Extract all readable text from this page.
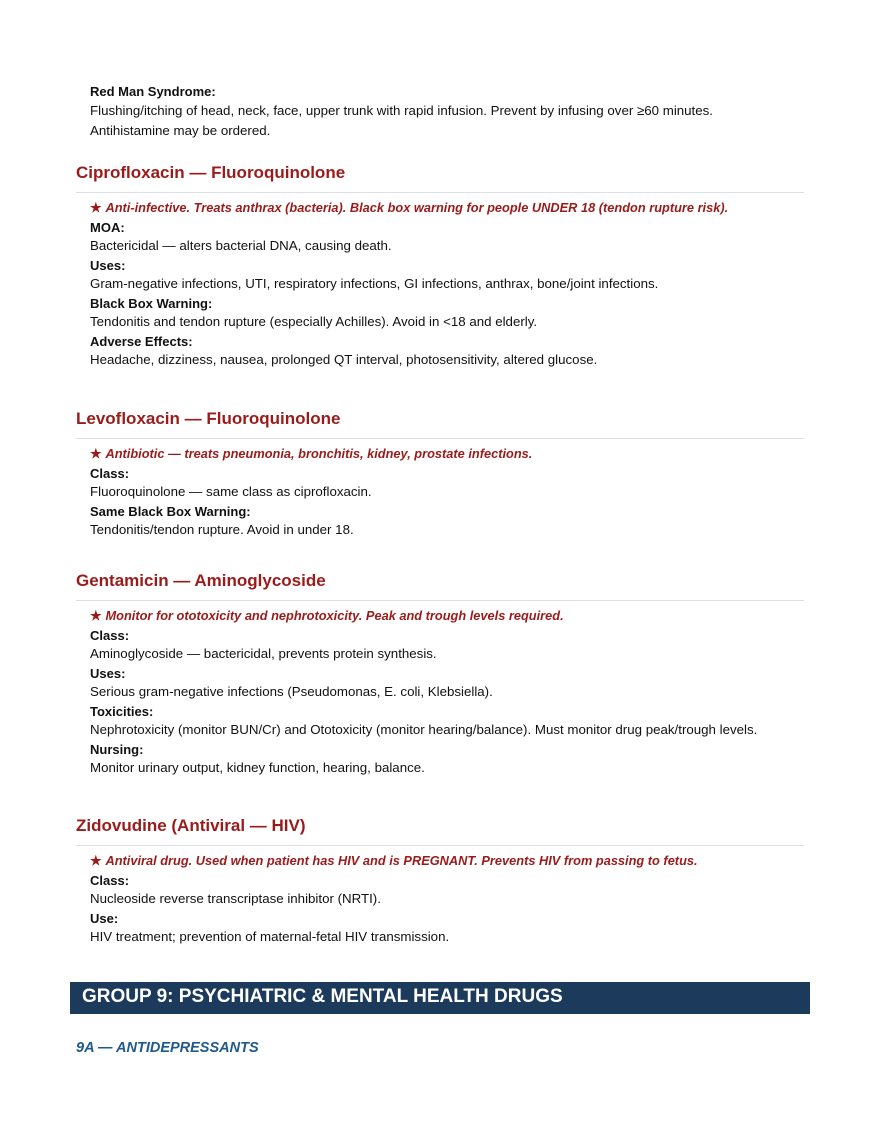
Red Man Syndrome:
Flushing/itching of head, neck, face, upper trunk with rapid infusion. Prevent by infusing over ≥60 minutes.
Antihistamine may be ordered.
Ciprofloxacin — Fluoroquinolone
★ Anti-infective. Treats anthrax (bacteria). Black box warning for people UNDER 18 (tendon rupture risk).
MOA:
Bactericidal — alters bacterial DNA, causing death.
Uses:
Gram-negative infections, UTI, respiratory infections, GI infections, anthrax, bone/joint infections.
Black Box Warning:
Tendonitis and tendon rupture (especially Achilles). Avoid in <18 and elderly.
Adverse Effects:
Headache, dizziness, nausea, prolonged QT interval, photosensitivity, altered glucose.
Levofloxacin — Fluoroquinolone
★ Antibiotic — treats pneumonia, bronchitis, kidney, prostate infections.
Class:
Fluoroquinolone — same class as ciprofloxacin.
Same Black Box Warning:
Tendonitis/tendon rupture. Avoid in under 18.
Gentamicin — Aminoglycoside
★ Monitor for ototoxicity and nephrotoxicity. Peak and trough levels required.
Class:
Aminoglycoside — bactericidal, prevents protein synthesis.
Uses:
Serious gram-negative infections (Pseudomonas, E. coli, Klebsiella).
Toxicities:
Nephrotoxicity (monitor BUN/Cr) and Ototoxicity (monitor hearing/balance). Must monitor drug peak/trough levels.
Nursing:
Monitor urinary output, kidney function, hearing, balance.
Zidovudine (Antiviral — HIV)
★ Antiviral drug. Used when patient has HIV and is PREGNANT. Prevents HIV from passing to fetus.
Class:
Nucleoside reverse transcriptase inhibitor (NRTI).
Use:
HIV treatment; prevention of maternal-fetal HIV transmission.
GROUP 9: PSYCHIATRIC & MENTAL HEALTH DRUGS
9A — ANTIDEPRESSANTS
